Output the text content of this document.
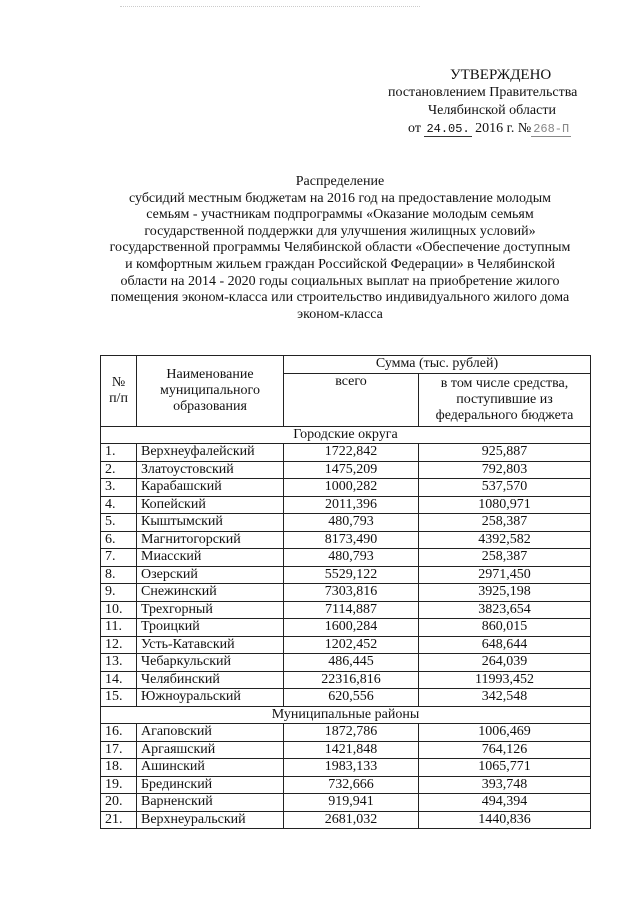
УТВЕРЖДЕНО
постановлением Правительства
Челябинской области
от 24.05. 2016 г. № 268-П
Распределение
субсидий местным бюджетам на 2016 год на предоставление молодым
семьям - участникам подпрограммы «Оказание молодым семьям
государственной поддержки для улучшения жилищных условий»
государственной программы Челябинской области «Обеспечение доступным
и комфортным жильем граждан Российской Федерации» в Челябинской
области на 2014 - 2020 годы социальных выплат на приобретение жилого
помещения эконом-класса или строительство индивидуального жилого дома
эконом-класса
№ п/п	Наименование муниципального образования	Сумма (тыс. рублей)	
		всего	в том числе средства, поступившие из федерального бюджета
Городские округа			
1.	Верхнеуфалейский	1722,842	925,887
2.	Златоустовский	1475,209	792,803
3.	Карабашский	1000,282	537,570
4.	Копейский	2011,396	1080,971
5.	Кыштымский	480,793	258,387
6.	Магнитогорский	8173,490	4392,582
7.	Миасский	480,793	258,387
8.	Озерский	5529,122	2971,450
9.	Снежинский	7303,816	3925,198
10.	Трехгорный	7114,887	3823,654
11.	Троицкий	1600,284	860,015
12.	Усть-Катавский	1202,452	648,644
13.	Чебаркульский	486,445	264,039
14.	Челябинский	22316,816	11993,452
15.	Южноуральский	620,556	342,548
Муниципальные районы			
16.	Агаповский	1872,786	1006,469
17.	Аргаяшский	1421,848	764,126
18.	Ашинский	1983,133	1065,771
19.	Брединский	732,666	393,748
20.	Варненский	919,941	494,394
21.	Верхнеуральский	2681,032	1440,836
